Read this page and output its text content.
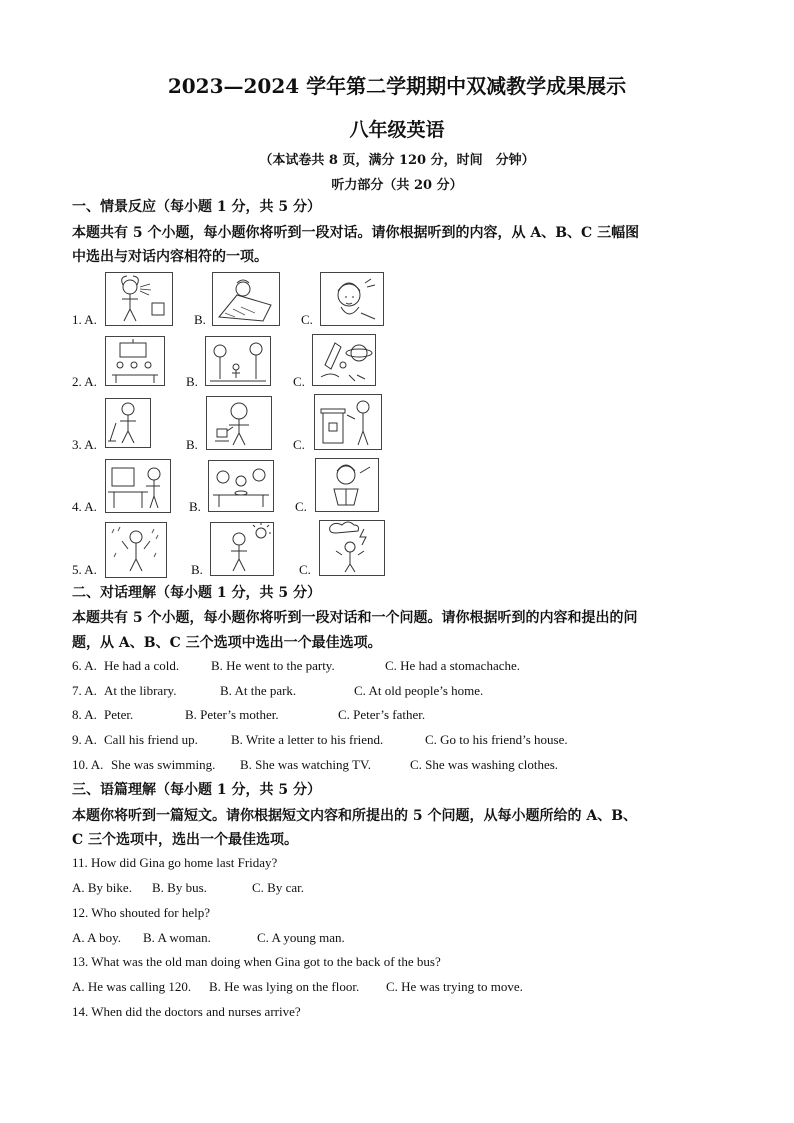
2023—2024 学年第二学期期中双减教学成果展示
八年级英语
（本试卷共 8 页，满分 120 分，时间　分钟）
听力部分（共 20 分）
一、情景反应（每小题 1 分，共 5 分）
本题共有 5 个小题，每小题你将听到一段对话。请你根据听到的内容，从 A、B、C 三幅图
中选出与对话内容相符的一项。
1. A.	B.	C.
2. A.	B.	C.
3. A.	B.	C.
4. A.	B.	C.
5. A.	B.	C.
二、对话理解（每小题 1 分，共 5 分）
本题共有 5 个小题，每小题你将听到一段对话和一个问题。请你根据听到的内容和提出的问
题，从 A、B、C 三个选项中选出一个最佳选项。
6. A. He had a cold. B. He went to the party.	C. He had a stomachache.
7. A. At the library.	B. At the park.	C. At old people’s home.
8. A. Peter.	B. Peter’s mother.	C. Peter’s father.
9. A. Call his friend up.	B. Write a letter to his friend.	C. Go to his friend’s house.
10. A. She was swimming. B. She was watching TV.	C. She was washing clothes.
三、语篇理解（每小题 1 分，共 5 分）
本题你将听到一篇短文。请你根据短文内容和所提出的 5 个问题，从每小题所给的 A、B、
C 三个选项中，选出一个最佳选项。
11. How did Gina go home last Friday?
A. By bike. B. By bus.	C. By car.
12. Who shouted for help?
A. A boy. B. A woman.	C. A young man.
13. What was the old man doing when Gina got to the back of the bus?
A. He was calling 120. B. He was lying on the floor. C. He was trying to move.
14. When did the doctors and nurses arrive?
